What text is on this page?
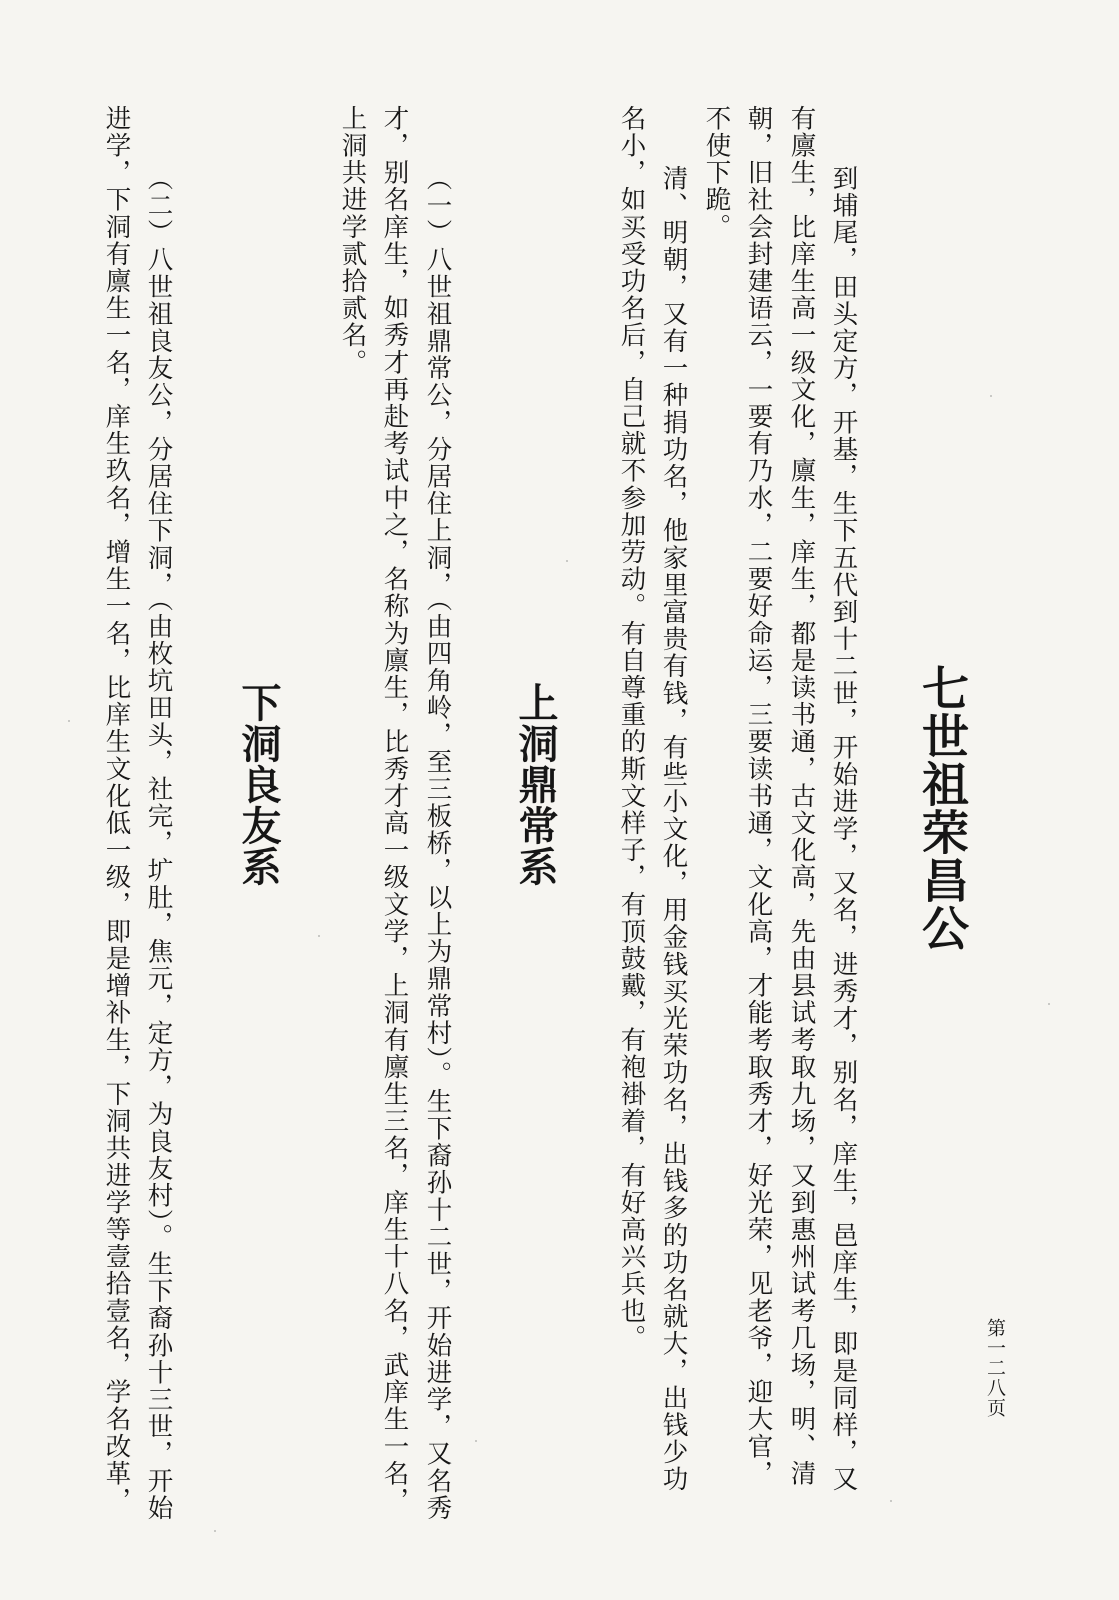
第一二八页
七世祖荣昌公
到埔尾，田头定方，开基，生下五代到十二世，开始进学，又名，进秀才，别名，庠生，邑庠生，即是同样，又
有廪生，比庠生高一级文化，廪生，庠生，都是读书通，古文化高，先由县试考取九场，又到惠州试考几场，明、清
朝，旧社会封建语云，一要有乃水，二要好命运，三要读书通，文化高，才能考取秀才，好光荣，见老爷，迎大官，
不使下跪。
清、明朝，又有一种捐功名，他家里富贵有钱，有些小文化，用金钱买光荣功名，出钱多的功名就大，出钱少功
名小，如买受功名后，自己就不参加劳动。有自尊重的斯文样子，有顶鼓戴，有袍褂着，有好高兴兵也。
上洞鼎常系
（一）八世祖鼎常公，分居住上洞，（由四角岭，至三板桥，以上为鼎常村）。生下裔孙十二世，开始进学，又名秀
才，别名庠生，如秀才再赴考试中之，名称为廪生，比秀才高一级文学，上洞有廪生三名，庠生十八名，武庠生一名，
上洞共进学贰拾贰名。
下洞良友系
（二）八世祖良友公，分居住下洞，（由枚坑田头，社完，圹肚，焦元，定方，为良友村）。生下裔孙十三世，开始
进学，下洞有廪生一名，庠生玖名，增生一名，比庠生文化低一级，即是增补生，下洞共进学等壹拾壹名，学名改革，
